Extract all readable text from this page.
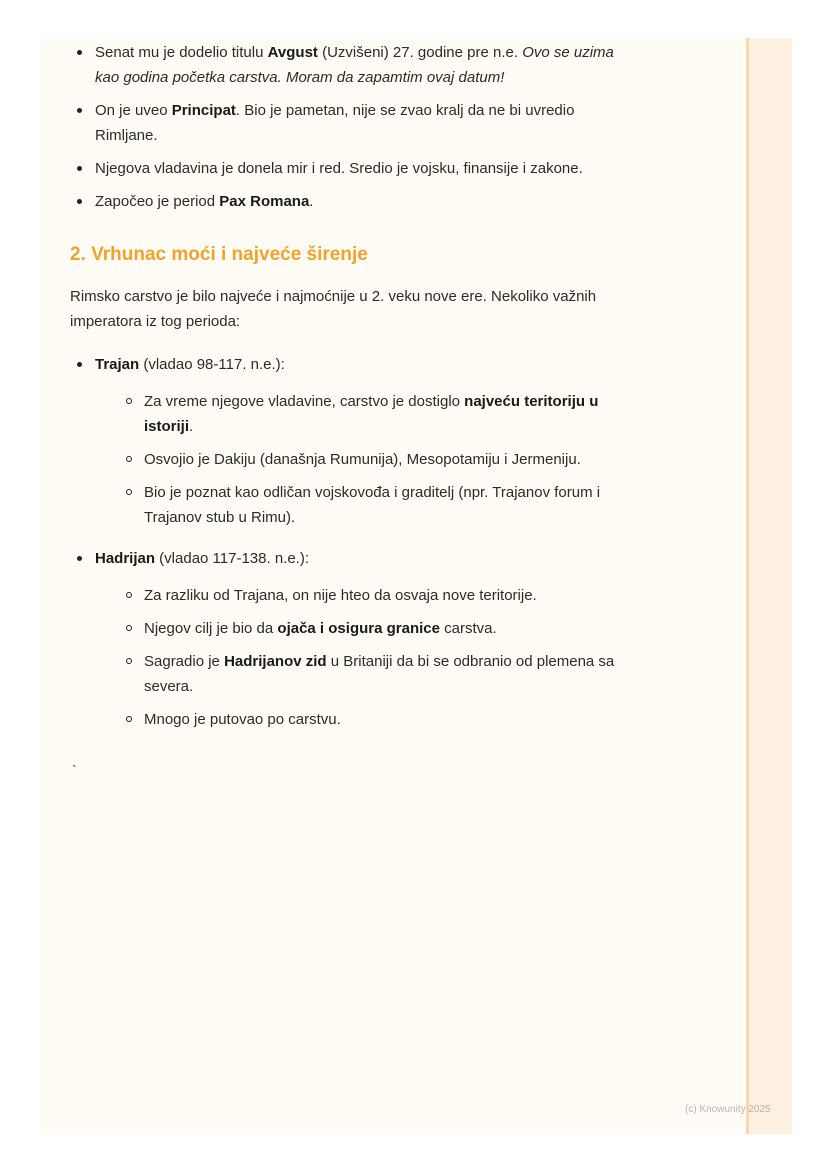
Senat mu je dodelio titulu Avgust (Uzvišeni) 27. godine pre n.e. Ovo se uzima kao godina početka carstva. Moram da zapamtim ovaj datum!
On je uveo Principat. Bio je pametan, nije se zvao kralj da ne bi uvredio Rimljane.
Njegova vladavina je donela mir i red. Sredio je vojsku, finansije i zakone.
Započeo je period Pax Romana.
2. Vrhunac moći i najveće širenje

Rimsko carstvo je bilo najveće i najmoćnije u 2. veku nove ere. Nekoliko važnih imperatora iz tog perioda:

Trajan (vladao 98-117. n.e.):
Za vreme njegove vladavine, carstvo je dostiglo najveću teritoriju u istoriji.
Osvojio je Dakiju (današnja Rumunija), Mesopotamiju i Jermeniju.
Bio je poznat kao odličan vojskovođa i graditelj (npr. Trajanov forum i Trajanov stub u Rimu).
Hadrijan (vladao 117-138. n.e.):
Za razliku od Trajana, on nije hteo da osvaja nove teritorije.
Njegov cilj je bio da ojača i osigura granice carstva.
Sagradio je Hadrijanov zid u Britaniji da bi se odbranio od plemena sa severa.
Mnogo je putovao po carstvu.
`
(c) Knowunity 2025
